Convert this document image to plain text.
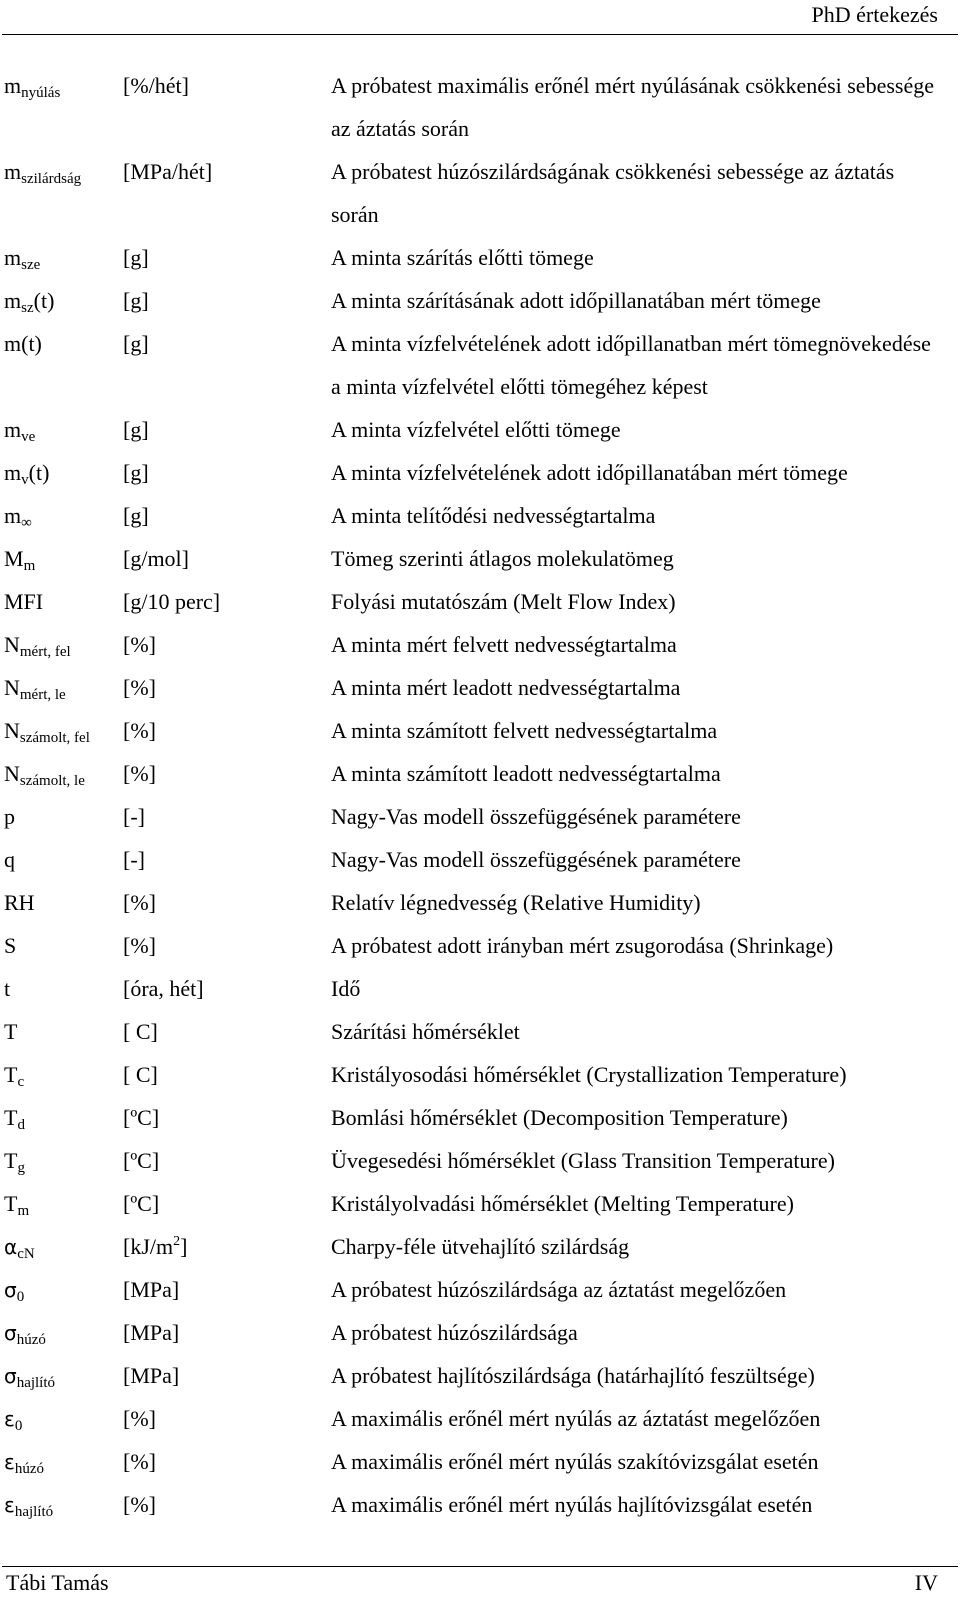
PhD értekezés
mnyúlás	[%/hét]	A próbatest maximális erőnél mért nyúlásának csökkenési sebessége az áztatás során
mszilárdság [MPa/hét]	A próbatest húzószilárdságának csökkenési sebessége az áztatás során
msze	[g]	A minta szárítás előtti tömege
msz(t)	[g]	A minta szárításának adott időpillanatában mért tömege
m(t)	[g]	A minta vízfelvételének adott időpillanatban mért tömegnövekedése a minta vízfelvétel előtti tömegéhez képest
mve	[g]	A minta vízfelvétel előtti tömege
mv(t)	[g]	A minta vízfelvételének adott időpillanatában mért tömege
m∞	[g]	A minta telítődési nedvességtartalma
Mm	[g/mol]	Tömeg szerinti átlagos molekulatömeg
MFI	[g/10 perc]	Folyási mutatószám (Melt Flow Index)
Nmért, fel [%]	A minta mért felvett nedvességtartalma
Nmért, le	[%]	A minta mért leadott nedvességtartalma
Nszámolt, fel [%]	A minta számított felvett nedvességtartalma
Nszámolt, le [%]	A minta számított leadott nedvességtartalma
p	[-]	Nagy-Vas modell összefüggésének paramétere
q	[-]	Nagy-Vas modell összefüggésének paramétere
RH	[%]	Relatív légnedvesség (Relative Humidity)
S	[%]	A próbatest adott irányban mért zsugorodása (Shrinkage)
t	[óra, hét]	Idő
T	[ C]	Szárítási hőmérséklet
Tc	[ C]	Kristályosodási hőmérséklet (Crystallization Temperature)
Td	[ºC]	Bomlási hőmérséklet (Decomposition Temperature)
Tg	[ºC]	Üvegesedési hőmérséklet (Glass Transition Temperature)
Tm	[ºC]	Kristályolvadási hőmérséklet (Melting Temperature)
αcN	$[kJ/m^2]$	Charpy-féle ütvehajlító szilárdság
σ0	[MPa]	A próbatest húzószilárdsága az áztatást megelőzően
σhúzó	[MPa]	A próbatest húzószilárdsága
σhajlító	[MPa]	A próbatest hajlítószilárdsága (határhajlító feszültsége)
ε0	[%]	A maximális erőnél mért nyúlás az áztatást megelőzően
εhúzó	[%]	A maximális erőnél mért nyúlás szakítóvizsgálat esetén
εhajlító	[%]	A maximális erőnél mért nyúlás hajlítóvizsgálat esetén
Tábi Tamás	IV
